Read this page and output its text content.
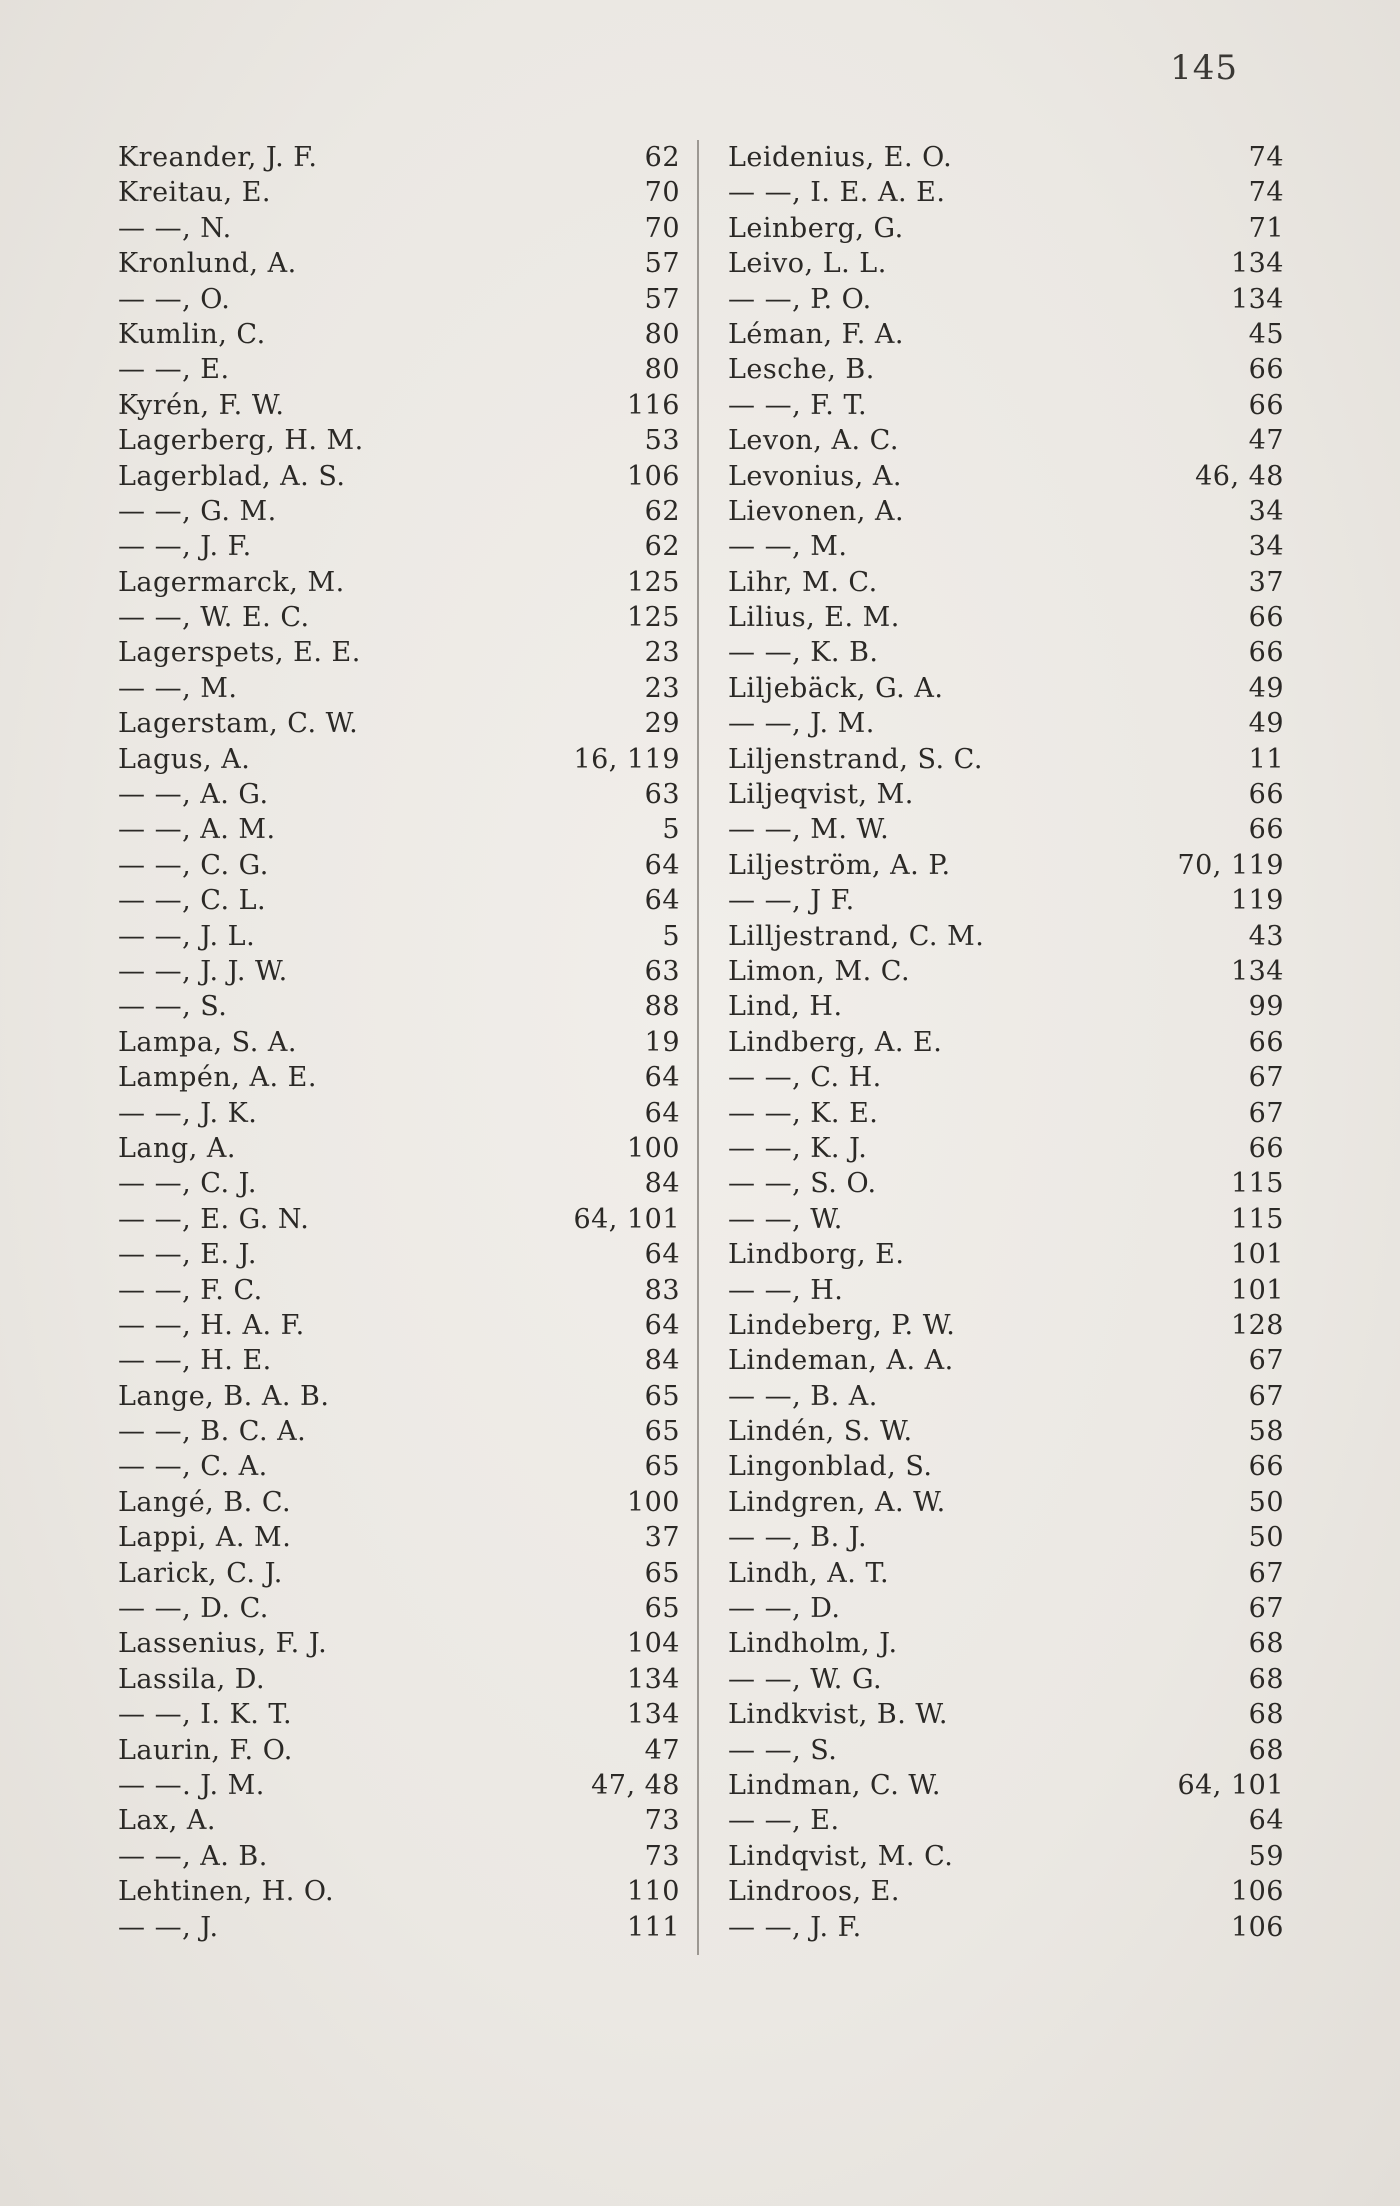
145
Kreander, J. F.	62
Kreitau, E.	70
— —, N.	70
Kronlund, A.	57
— —, O.	57
Kumlin, C.	80
— —, E.	80
Kyrén, F. W.	116
Lagerberg, H. M.	53
Lagerblad, A. S.	106
— —, G. M.	62
— —, J. F.	62
Lagermarck, M.	125
— —, W. E. C.	125
Lagerspets, E. E.	23
— —, M.	23
Lagerstam, C. W.	29
Lagus, A.	16, 119
— —, A. G.	63
— —, A. M.	5
— —, C. G.	64
— —, C. L.	64
— —, J. L.	5
— —, J. J. W.	63
— —, S.	88
Lampa, S. A.	19
Lampén, A. E.	64
— —, J. K.	64
Lang, A.	100
— —, C. J.	84
— —, E. G. N.	64, 101
— —, E. J.	64
— —, F. C.	83
— —, H. A. F.	64
— —, H. E.	84
Lange, B. A. B.	65
— —, B. C. A.	65
— —, C. A.	65
Langé, B. C.	100
Lappi, A. M.	37
Larick, C. J.	65
— —, D. C.	65
Lassenius, F. J.	104
Lassila, D.	134
— —, I. K. T.	134
Laurin, F. O.	47
— —. J. M.	47, 48
Lax, A.	73
— —, A. B.	73
Lehtinen, H. O.	110
— —, J.	111
Leidenius, E. O.	74
— —, I. E. A. E.	74
Leinberg, G.	71
Leivo, L. L.	134
— —, P. O.	134
Léman, F. A.	45
Lesche, B.	66
— —, F. T.	66
Levon, A. C.	47
Levonius, A.	46, 48
Lievonen, A.	34
— —, M.	34
Lihr, M. C.	37
Lilius, E. M.	66
— —, K. B.	66
Liljebäck, G. A.	49
— —, J. M.	49
Liljenstrand, S. C.	11
Liljeqvist, M.	66
— —, M. W.	66
Liljeström, A. P.	70, 119
— —, J F.	119
Lilljestrand, C. M.	43
Limon, M. C.	134
Lind, H.	99
Lindberg, A. E.	66
— —, C. H.	67
— —, K. E.	67
— —, K. J.	66
— —, S. O.	115
— —, W.	115
Lindborg, E.	101
— —, H.	101
Lindeberg, P. W.	128
Lindeman, A. A.	67
— —, B. A.	67
Lindén, S. W.	58
Lingonblad, S.	66
Lindgren, A. W.	50
— —, B. J.	50
Lindh, A. T.	67
— —, D.	67
Lindholm, J.	68
— —, W. G.	68
Lindkvist, B. W.	68
— —, S.	68
Lindman, C. W.	64, 101
— —, E.	64
Lindqvist, M. C.	59
Lindroos, E.	106
— —, J. F.	106
